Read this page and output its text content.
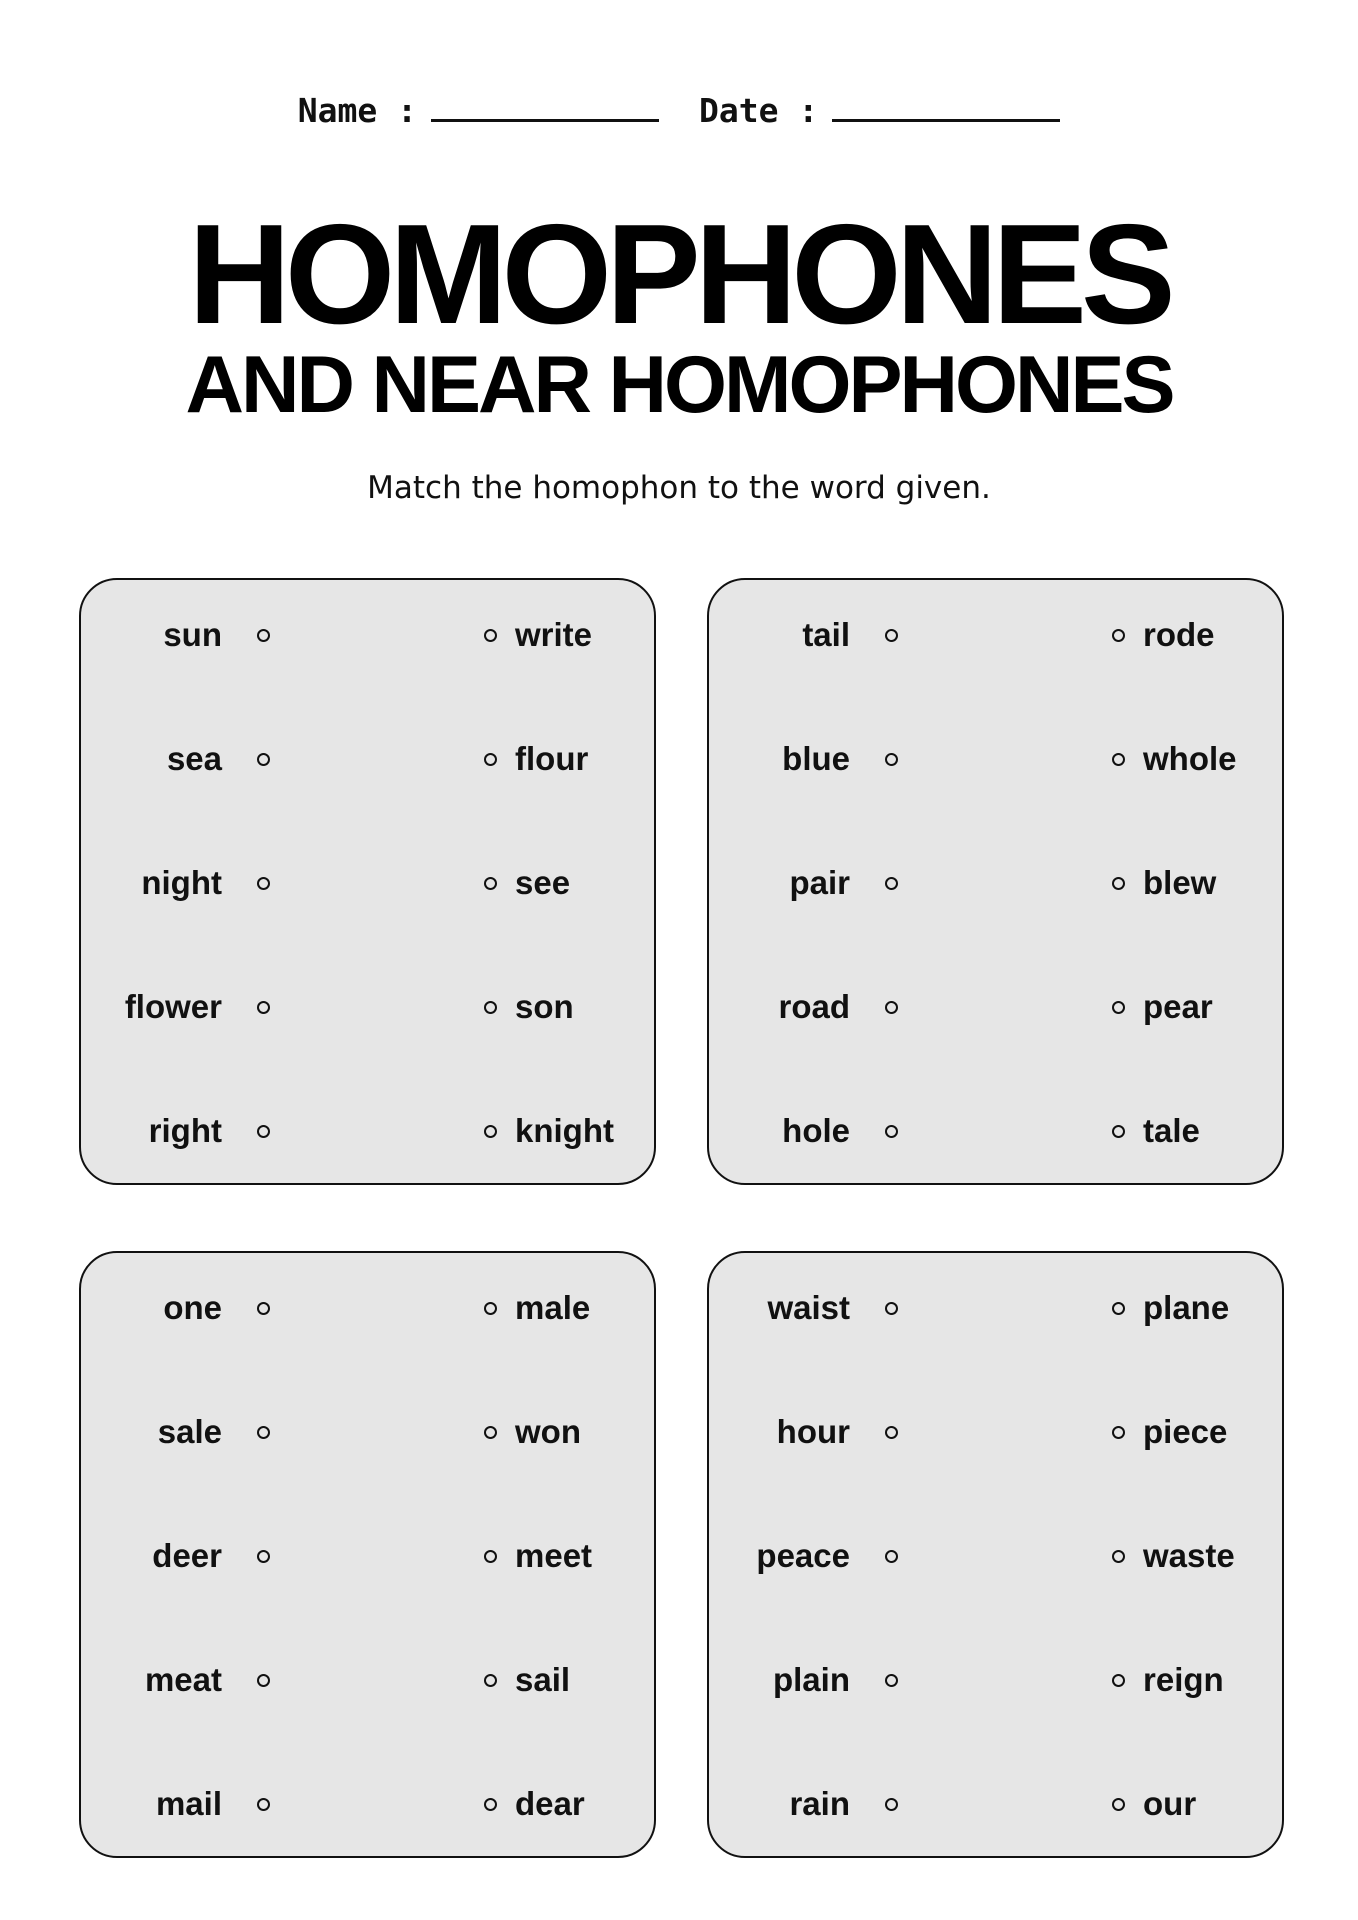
Name :	Date :
HOMOPHONES
AND NEAR HOMOPHONES
Match the homophon to the word given.
sun	write
sea	flour
night	see
flower	son
right	knight
tail	rode
blue	whole
pair	blew
road	pear
hole	tale
one	male
sale	won
deer	meet
meat	sail
mail	dear
waist	plane
hour	piece
peace	waste
plain	reign
rain	our
